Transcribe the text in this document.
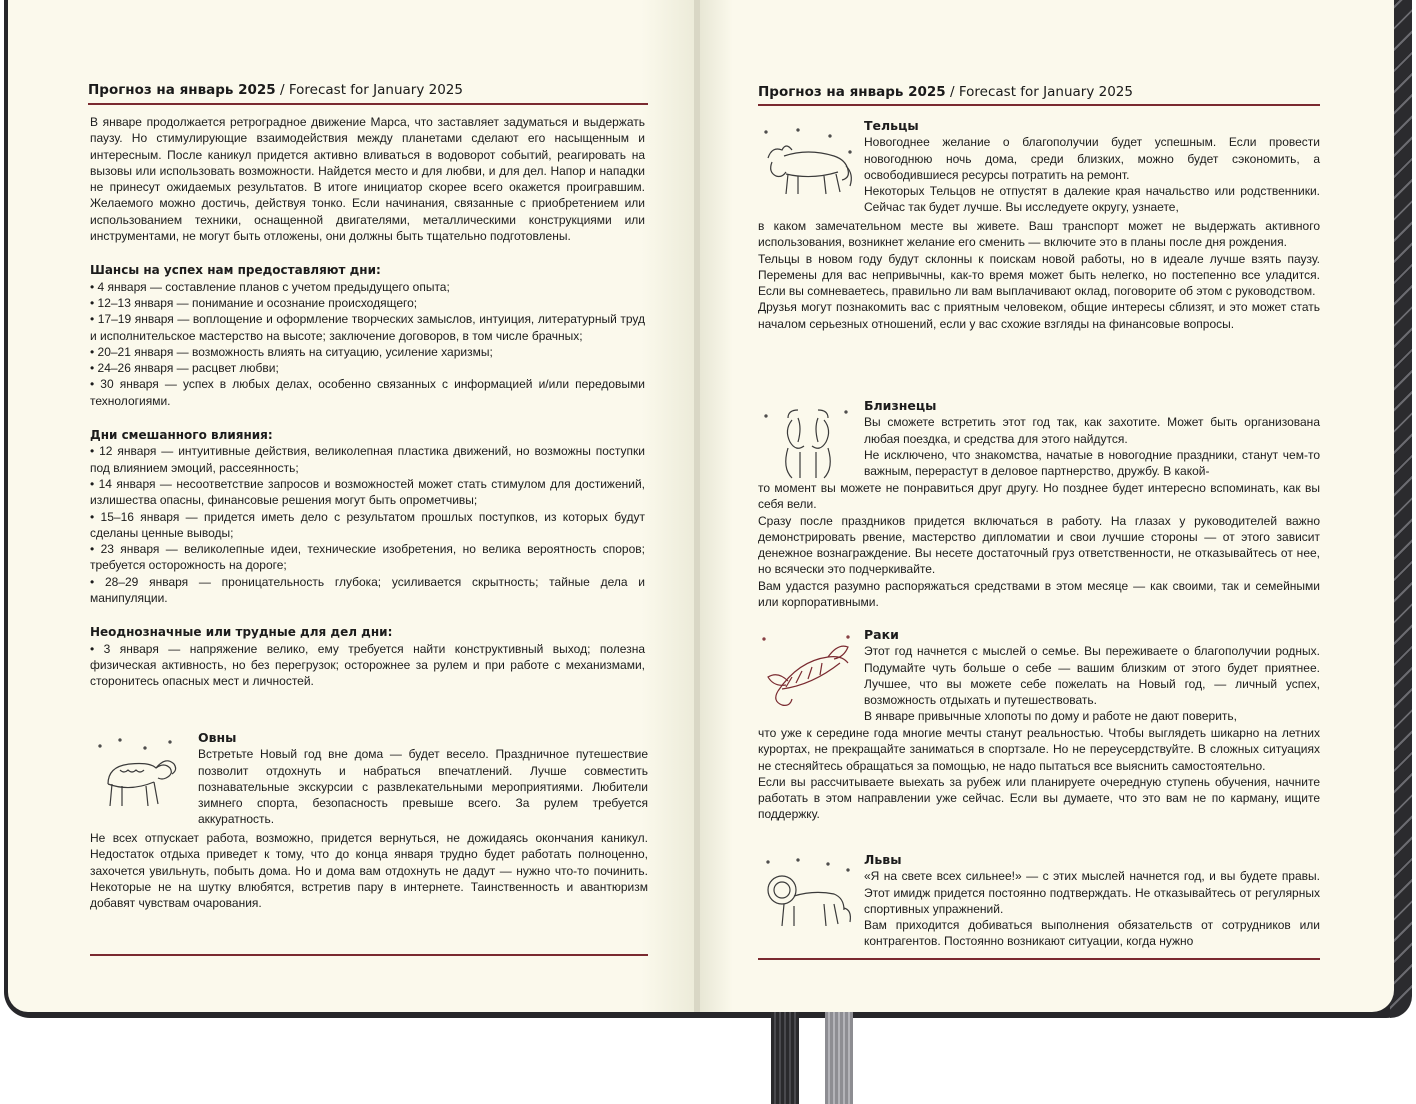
Прогноз на январь 2025 / Forecast for January 2025

В январе продолжается ретроградное движение Марса, что заставляет задуматься и выдержать паузу. Но стимулирующие взаимодействия между планетами сделают его насыщенным и интересным. После каникул придется активно вливаться в водоворот событий, реагировать на вызовы или использовать возможности. Найдется место и для любви, и для дел. Напор и нападки не принесут ожидаемых результатов. В итоге инициатор скорее всего окажется проигравшим. Желаемого можно достичь, действуя тонко. Если начинания, связанные с приобретением или использованием техники, оснащенной двигателями, металлическими конструкциями или инструментами, не могут быть отложены, они должны быть тщательно подготовлены.

Шансы на успех нам предоставляют дни:

• 4 января — составление планов с учетом предыдущего опыта;

• 12–13 января — понимание и осознание происходящего;

• 17–19 января — воплощение и оформление творческих замыслов, интуиция, литературный труд и исполнительское мастерство на высоте; заключение договоров, в том числе брачных;

• 20–21 января — возможность влиять на ситуацию, усиление харизмы;

• 24–26 января — расцвет любви;

• 30 января — успех в любых делах, особенно связанных с информацией и/или передовыми технологиями.

Дни смешанного влияния:

• 12 января — интуитивные действия, великолепная пластика движений, но возможны поступки под влиянием эмоций, рассеянность;

• 14 января — несоответствие запросов и возможностей может стать стимулом для достижений, излишества опасны, финансовые решения могут быть опрометчивы;

• 15–16 января — придется иметь дело с результатом прошлых поступков, из которых будут сделаны ценные выводы;

• 23 января — великолепные идеи, технические изобретения, но велика вероятность споров; требуется осторожность на дороге;

• 28–29 января — проницательность глубока; усиливается скрытность; тайные дела и манипуляции.

Неоднозначные или трудные для дел дни:

• 3 января — напряжение велико, ему требуется найти конструктивный выход; полезна физическая активность, но без перегрузок; осторожнее за рулем и при работе с механизмами, сторонитесь опасных мест и личностей.

Овны

Встретьте Новый год вне дома — будет весело. Праздничное путешествие позволит отдохнуть и набраться впечатлений. Лучше совместить познавательные экскурсии с развлекательными мероприятиями. Любители зимнего спорта, безопасность превыше всего. За рулем требуется аккуратность.

Не всех отпускает работа, возможно, придется вернуться, не дожидаясь окончания каникул. Недостаток отдыха приведет к тому, что до конца января трудно будет работать полноценно, захочется увильнуть, побыть дома. Но и дома вам отдохнуть не дадут — нужно что-то починить. Некоторые не на шутку влюбятся, встретив пару в интернете. Таинственность и авантюризм добавят чувствам очарования.

Прогноз на январь 2025 / Forecast for January 2025

Тельцы

Новогоднее желание о благополучии будет успешным. Если провести новогоднюю ночь дома, среди близких, можно будет сэкономить, а освободившиеся ресурсы потратить на ремонт.

Некоторых Тельцов не отпустят в далекие края начальство или родственники. Сейчас так будет лучше. Вы исследуете округу, узнаете,

в каком замечательном месте вы живете. Ваш транспорт может не выдержать активного использования, возникнет желание его сменить — включите это в планы после дня рождения.

Тельцы в новом году будут склонны к поискам новой работы, но в идеале лучше взять паузу. Перемены для вас непривычны, как-то время может быть нелегко, но постепенно все уладится. Если вы сомневаетесь, правильно ли вам выплачивают оклад, поговорите об этом с руководством.

Друзья могут познакомить вас с приятным человеком, общие интересы сблизят, и это может стать началом серьезных отношений, если у вас схожие взгляды на финансовые вопросы.

Близнецы

Вы сможете встретить этот год так, как захотите. Может быть организована любая поездка, и средства для этого найдутся.

Не исключено, что знакомства, начатые в новогодние праздники, станут чем-то важным, перерастут в деловое партнерство, дружбу. В какой-

то момент вы можете не понравиться друг другу. Но позднее будет интересно вспоминать, как вы себя вели.

Сразу после праздников придется включаться в работу. На глазах у руководителей важно демонстрировать рвение, мастерство дипломатии и свои лучшие стороны — от этого зависит денежное вознаграждение. Вы несете достаточный груз ответственности, не отказывайтесь от нее, но всячески это подчеркивайте.

Вам удастся разумно распоряжаться средствами в этом месяце — как своими, так и семейными или корпоративными.

Раки

Этот год начнется с мыслей о семье. Вы переживаете о благополучии родных. Подумайте чуть больше о себе — вашим близким от этого будет приятнее. Лучшее, что вы можете себе пожелать на Новый год, — личный успех, возможность отдыхать и путешествовать.

В январе привычные хлопоты по дому и работе не дают поверить,

что уже к середине года многие мечты станут реальностью. Чтобы выглядеть шикарно на летних курортах, не прекращайте заниматься в спортзале. Но не переусердствуйте. В сложных ситуациях не стесняйтесь обращаться за помощью, не надо пытаться все выяснить самостоятельно.

Если вы рассчитываете выехать за рубеж или планируете очередную ступень обучения, начните работать в этом направлении уже сейчас. Если вы думаете, что это вам не по карману, ищите поддержку.

Львы

«Я на свете всех сильнее!» — с этих мыслей начнется год, и вы будете правы. Этот имидж придется постоянно подтверждать. Не отказывайтесь от регулярных спортивных упражнений.

Вам приходится добиваться выполнения обязательств от сотрудников или контрагентов. Постоянно возникают ситуации, когда нужно
